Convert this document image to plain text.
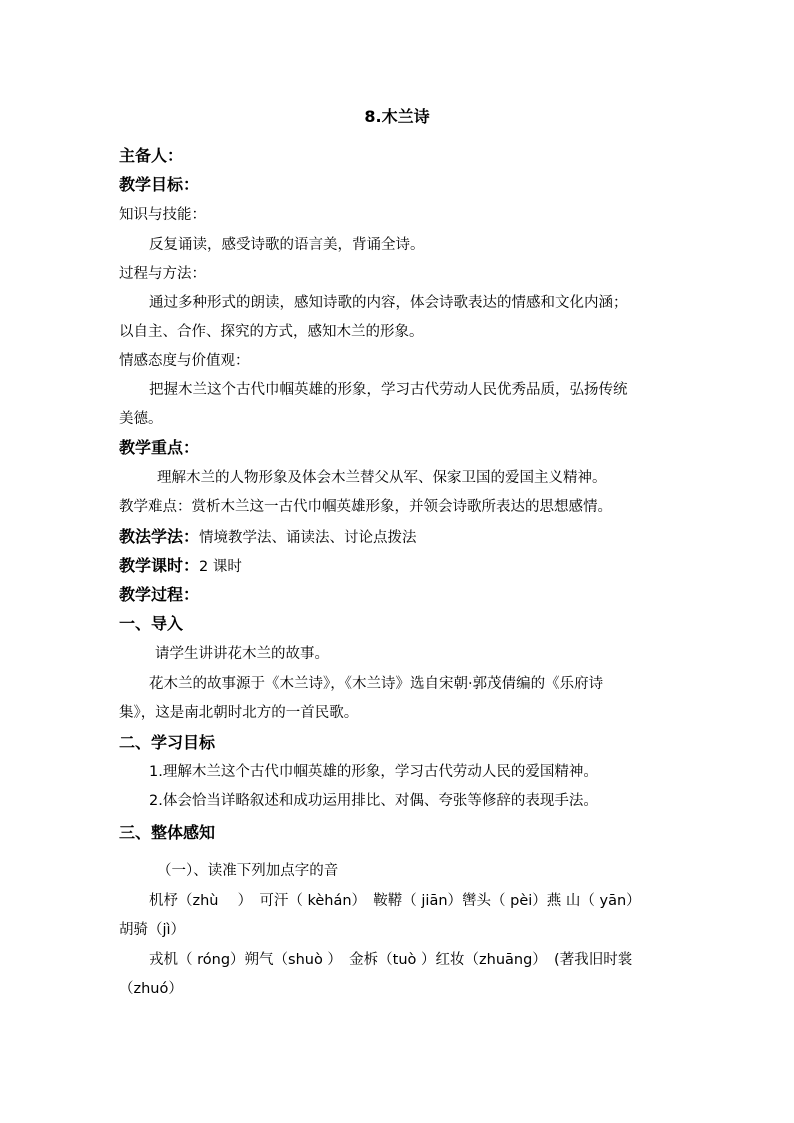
8.木兰诗
主备人：
教学目标：
知识与技能：
反复诵读，感受诗歌的语言美，背诵全诗。
过程与方法：
通过多种形式的朗读，感知诗歌的内容，体会诗歌表达的情感和文化内涵；
以自主、合作、探究的方式，感知木兰的形象。
情感态度与价值观：
把握木兰这个古代巾帼英雄的形象，学习古代劳动人民优秀品质，弘扬传统
美德。
教学重点：
理解木兰的人物形象及体会木兰替父从军、保家卫国的爱国主义精神。
教学难点：赏析木兰这一古代巾帼英雄形象，并领会诗歌所表达的思想感情。
教法学法：情境教学法、诵读法、讨论点拨法
教学课时：2 课时
教学过程：
一、导入
请学生讲讲花木兰的故事。
花木兰的故事源于《木兰诗》，《木兰诗》选自宋朝·郭茂倩编的《乐府诗
集》，这是南北朝时北方的一首民歌。
二、学习目标
1.理解木兰这个古代巾帼英雄的形象，学习古代劳动人民的爱国精神。
2.体会恰当详略叙述和成功运用排比、对偶、夸张等修辞的表现手法。
三、整体感知
（一）、读准下列加点字的音
机杼（zhù　 ）　可汗（ kèhán）　鞍鞯（ jiān）辔头（ pèi）燕 山（ yān）
胡骑（jì）
戎机（ róng）朔气（shuò ）　金柝（tuò ）红妆（zhuāng）　(著我旧时裳
（zhuó）
